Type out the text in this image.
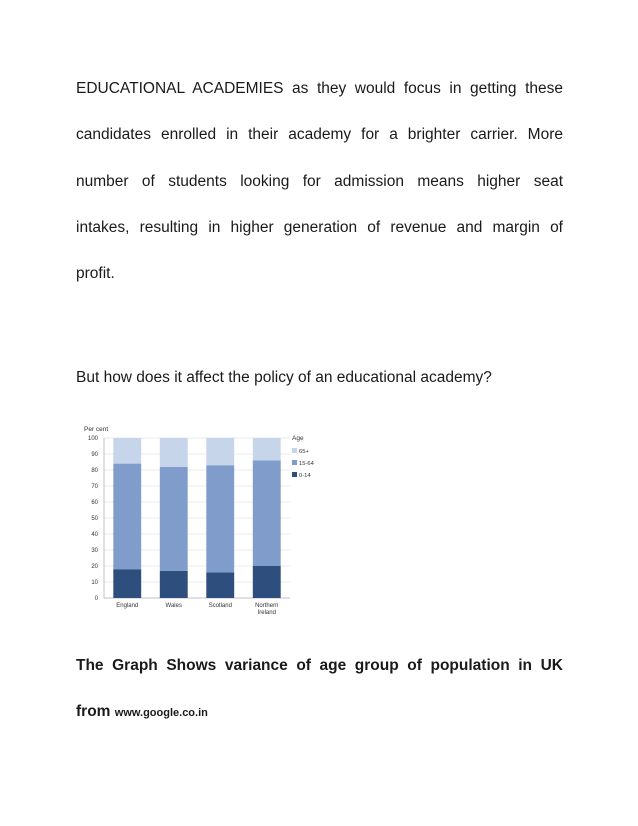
EDUCATIONAL ACADEMIES as they would focus in getting these

candidates enrolled in their academy for a brighter carrier. More

number of students looking for admission means higher seat

intakes, resulting in higher generation of revenue and margin of

profit.

But how does it affect the policy of an educational academy?
Per cent
Age
0
10
20
30
40
50
60
70
80
90
100
England	Wales	Scotland	Northern
Ireland
65+
15-64
0-14
The Graph Shows variance of age group of population in UK
from www.google.co.in
